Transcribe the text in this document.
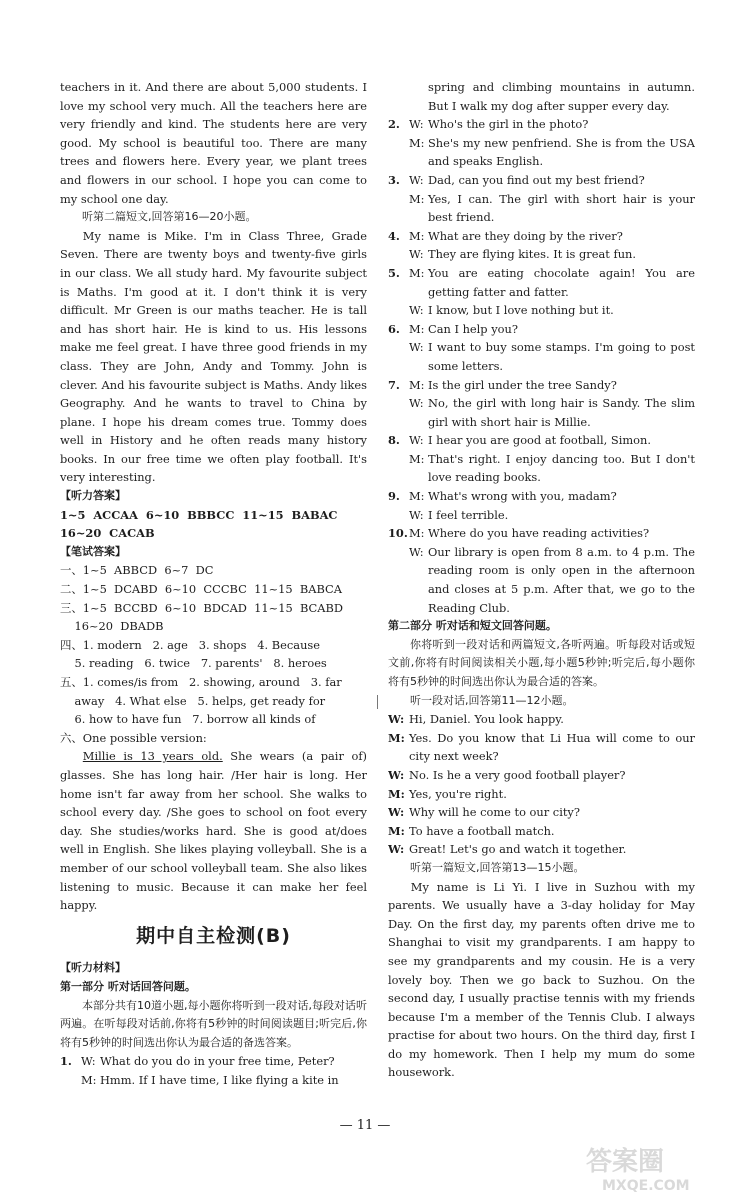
teachers in it. And there are about 5,000 students. I love my school very much. All the teachers here are very friendly and kind. The students here are very good. My school is beautiful too. There are many trees and flowers here. Every year, we plant trees and flowers in our school. I hope you can come to my school one day.

听第二篇短文,回答第16—20小题。

My name is Mike. I'm in Class Three, Grade Seven. There are twenty boys and twenty-five girls in our class. We all study hard. My favourite subject is Maths. I'm good at it. I don't think it is very difficult. Mr Green is our maths teacher. He is tall and has short hair. He is kind to us. His lessons make me feel great. I have three good friends in my class. They are John, Andy and Tommy. John is clever. And his favourite subject is Maths. Andy likes Geography. And he wants to travel to China by plane. I hope his dream comes true. Tommy does well in History and he often reads many history books. In our free time we often play football. It's very interesting.

【听力答案】

1~5  ACCAA  6~10  BBBCC  11~15  BABAC

16~20  CACAB

【笔试答案】

一、1~5  ABBCD  6~7  DC

二、1~5  DCABD  6~10  CCCBC  11~15  BABCA

三、1~5  BCCBD  6~10  BDCAD  11~15  BCABD

16~20  DBADB

四、1. modern   2. age   3. shops   4. Because

5. reading   6. twice   7. parents'   8. heroes

五、1. comes/is from   2. showing, around   3. far

away   4. What else   5. helps, get ready for

6. how to have fun   7. borrow all kinds of

六、One possible version:

Millie is 13 years old. She wears (a pair of) glasses. She has long hair. /Her hair is long. Her home isn't far away from her school. She walks to school every day. /She goes to school on foot every day. She studies/works hard. She is good at/does well in English. She likes playing volleyball. She is a member of our school volleyball team. She also likes listening to music. Because it can make her feel happy.

期中自主检测(B)

【听力材料】

第一部分 听对话回答问题。

本部分共有10道小题,每小题你将听到一段对话,每段对话听两遍。在听每段对话前,你将有5秒钟的时间阅读题目;听完后,你将有5秒钟的时间选出你认为最合适的备选答案。

1. W: What do you do in your free time, Peter?
M: Hmm. If I have time, I like flying a kite in

spring and climbing mountains in autumn. But I walk my dog after supper every day.

2. W: Who's the girl in the photo?
M: She's my new penfriend. She is from the USA and speaks English.
3. W: Dad, can you find out my best friend?
M: Yes, I can. The girl with short hair is your best friend.
4. M: What are they doing by the river?
W: They are flying kites. It is great fun.
5. M: You are eating chocolate again! You are getting fatter and fatter.
W: I know, but I love nothing but it.
6. M: Can I help you?
W: I want to buy some stamps. I'm going to post some letters.
7. M: Is the girl under the tree Sandy?
W: No, the girl with long hair is Sandy. The slim girl with short hair is Millie.
8. W: I hear you are good at football, Simon.
M: That's right. I enjoy dancing too. But I don't love reading books.
9. M: What's wrong with you, madam?
W: I feel terrible.
10. M: Where do you have reading activities?
W: Our library is open from 8 a.m. to 4 p.m. The reading room is only open in the afternoon and closes at 5 p.m. After that, we go to the Reading Club.

第二部分 听对话和短文回答问题。

你将听到一段对话和两篇短文,各听两遍。听每段对话或短文前,你将有时间阅读相关小题,每小题5秒钟;听完后,每小题你将有5秒钟的时间选出你认为最合适的答案。

听一段对话,回答第11—12小题。

W: Hi, Daniel. You look happy.
M: Yes. Do you know that Li Hua will come to our city next week?
W: No. Is he a very good football player?
M: Yes, you're right.
W: Why will he come to our city?
M: To have a football match.
W: Great! Let's go and watch it together.

听第一篇短文,回答第13—15小题。

My name is Li Yi. I live in Suzhou with my parents. We usually have a 3-day holiday for May Day. On the first day, my parents often drive me to Shanghai to visit my grandparents. I am happy to see my grandparents and my cousin. He is a very lovely boy. Then we go back to Suzhou. On the second day, I usually practise tennis with my friends because I'm a member of the Tennis Club. I always practise for about two hours. On the third day, first I do my homework. Then I help my mum do some housework.

— 11 —
答案圈
MXQE.COM
